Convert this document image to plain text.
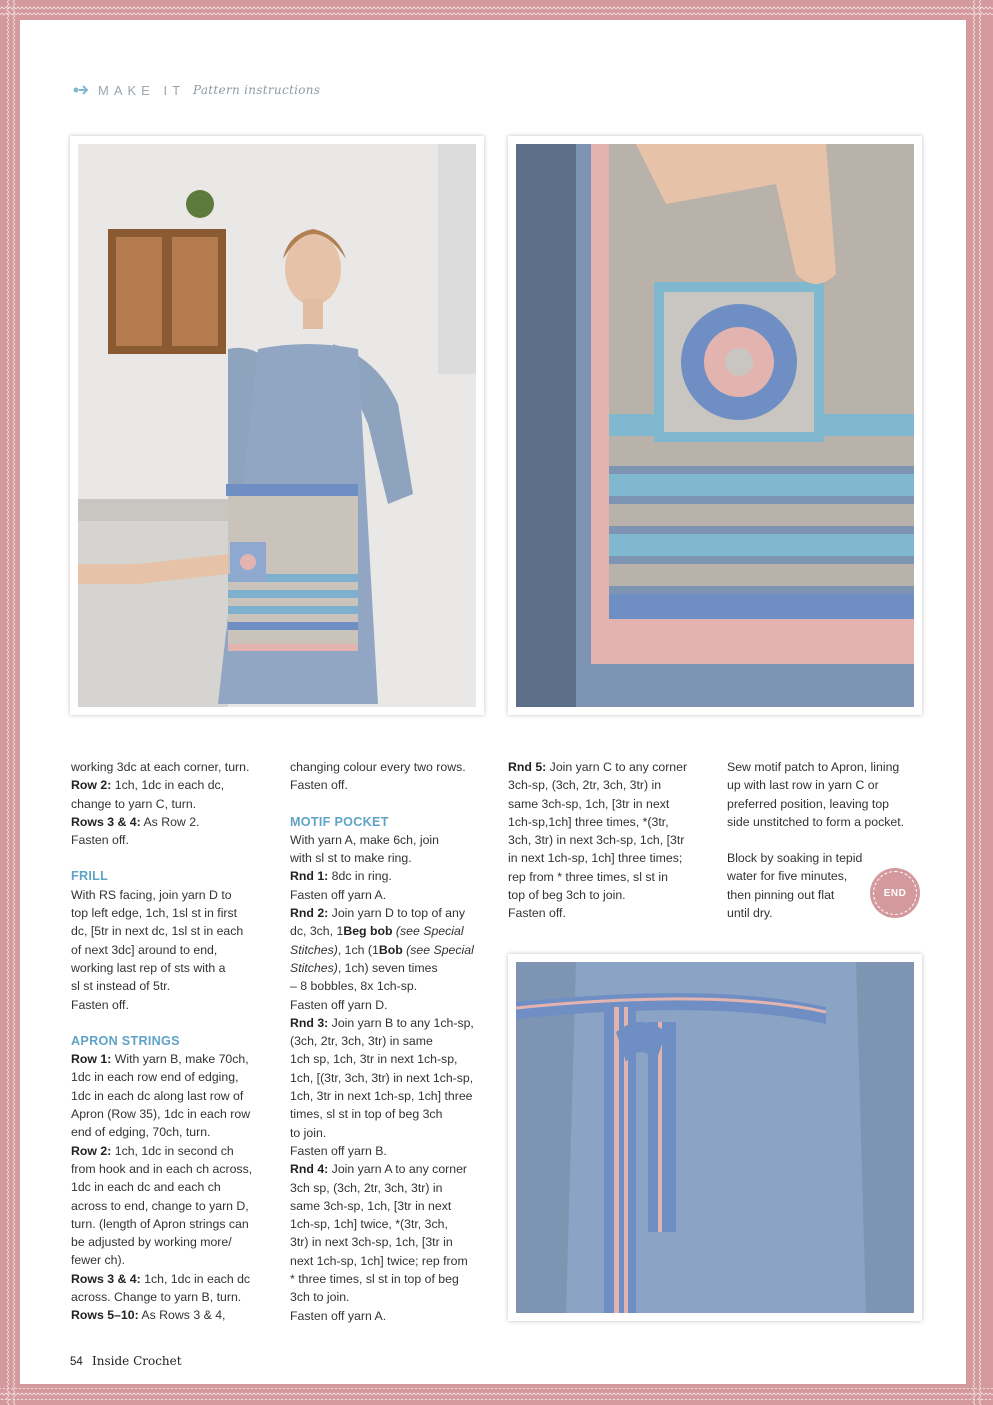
MAKE IT Pattern instructions

working 3dc at each corner, turn.

Row 2: 1ch, 1dc in each dc,

change to yarn C, turn.

Rows 3 & 4: As Row 2.

Fasten off.

FRILL

With RS facing, join yarn D to

top left edge, 1ch, 1sl st in first

dc, [5tr in next dc, 1sl st in each

of next 3dc] around to end,

working last rep of sts with a

sl st instead of 5tr.

Fasten off.

APRON STRINGS

Row 1: With yarn B, make 70ch,

1dc in each row end of edging,

1dc in each dc along last row of

Apron (Row 35), 1dc in each row

end of edging, 70ch, turn.

Row 2: 1ch, 1dc in second ch

from hook and in each ch across,

1dc in each dc and each ch

across to end, change to yarn D,

turn. (length of Apron strings can

be adjusted by working more/

fewer ch).

Rows 3 & 4: 1ch, 1dc in each dc

across. Change to yarn B, turn.

Rows 5–10: As Rows 3 & 4,

changing colour every two rows.

Fasten off.

MOTIF POCKET

With yarn A, make 6ch, join

with sl st to make ring.

Rnd 1: 8dc in ring.

Fasten off yarn A.

Rnd 2: Join yarn D to top of any

dc, 3ch, 1Beg bob (see Special

Stitches), 1ch (1Bob (see Special

Stitches), 1ch) seven times

– 8 bobbles, 8x 1ch-sp.

Fasten off yarn D.

Rnd 3: Join yarn B to any 1ch-sp,

(3ch, 2tr, 3ch, 3tr) in same

1ch sp, 1ch, 3tr in next 1ch-sp,

1ch, [(3tr, 3ch, 3tr) in next 1ch-sp,

1ch, 3tr in next 1ch-sp, 1ch] three

times, sl st in top of beg 3ch

to join.

Fasten off yarn B.

Rnd 4: Join yarn A to any corner

3ch sp, (3ch, 2tr, 3ch, 3tr) in

same 3ch-sp, 1ch, [3tr in next

1ch-sp, 1ch] twice, *(3tr, 3ch,

3tr) in next 3ch-sp, 1ch, [3tr in

next 1ch-sp, 1ch] twice; rep from

* three times, sl st in top of beg

3ch to join.

Fasten off yarn A.

Rnd 5: Join yarn C to any corner

3ch-sp, (3ch, 2tr, 3ch, 3tr) in

same 3ch-sp, 1ch, [3tr in next

1ch-sp,1ch] three times, *(3tr,

3ch, 3tr) in next 3ch-sp, 1ch, [3tr

in next 1ch-sp, 1ch] three times;

rep from * three times, sl st in

top of beg 3ch to join.

Fasten off.

Sew motif patch to Apron, lining

up with last row in yarn C or

preferred position, leaving top

side unstitched to form a pocket.

Block by soaking in tepid

water for five minutes,

then pinning out flat

until dry.

END
54 Inside Crochet
